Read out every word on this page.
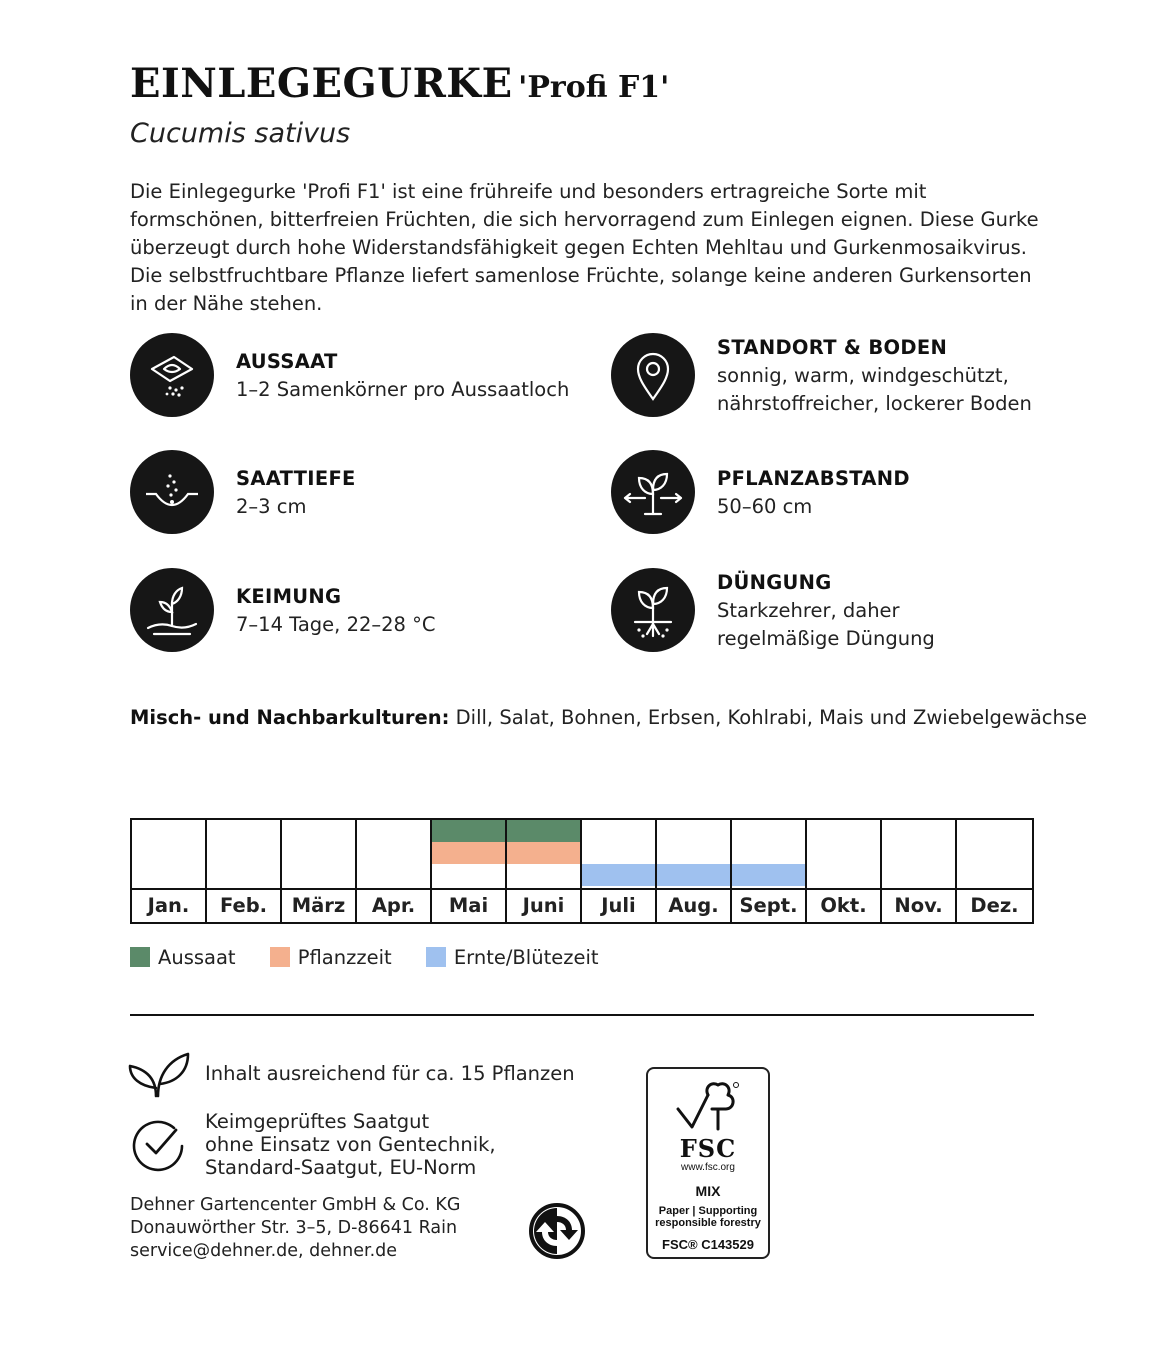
EINLEGEGURKE 'Profi F1'
Cucumis sativus
Die Einlegegurke 'Profi F1' ist eine frühreife und besonders ertragreiche Sorte mit formschönen, bitterfreien Früchten, die sich hervorragend zum Einlegen eignen. Diese Gurke überzeugt durch hohe Widerstandsfähigkeit gegen Echten Mehltau und Gurkenmosaikvirus. Die selbstfruchtbare Pflanze liefert samenlose Früchte, solange keine anderen Gurkensorten in der Nähe stehen.
AUSSAAT
1–2 Samenkörner pro Aussaatloch
STANDORT & BODEN
sonnig, warm, windgeschützt,
nährstoffreicher, lockerer Boden
SAATTIEFE
2–3 cm
PFLANZABSTAND
50–60 cm
KEIMUNG
7–14 Tage, 22–28 °C
DÜNGUNG
Starkzehrer, daher
regelmäßige Düngung
Misch- und Nachbarkulturen: Dill, Salat, Bohnen, Erbsen, Kohlrabi, Mais und Zwiebelgewächse
Jan.	Feb.	März	Apr.	Mai	Juni	Juli	Aug.	Sept.	Okt.	Nov.	Dez.
Aussaat	Pflanzzeit	Ernte/Blütezeit
Inhalt ausreichend für ca. 15 Pflanzen
Keimgeprüftes Saatgut
ohne Einsatz von Gentechnik,
Standard-Saatgut, EU-Norm
Dehner Gartencenter GmbH & Co. KG
Donauwörther Str. 3–5, D-86641 Rain
service@dehner.de, dehner.de
FSC
www.fsc.org
MIX
Paper | Supporting
responsible forestry
FSC® C143529
